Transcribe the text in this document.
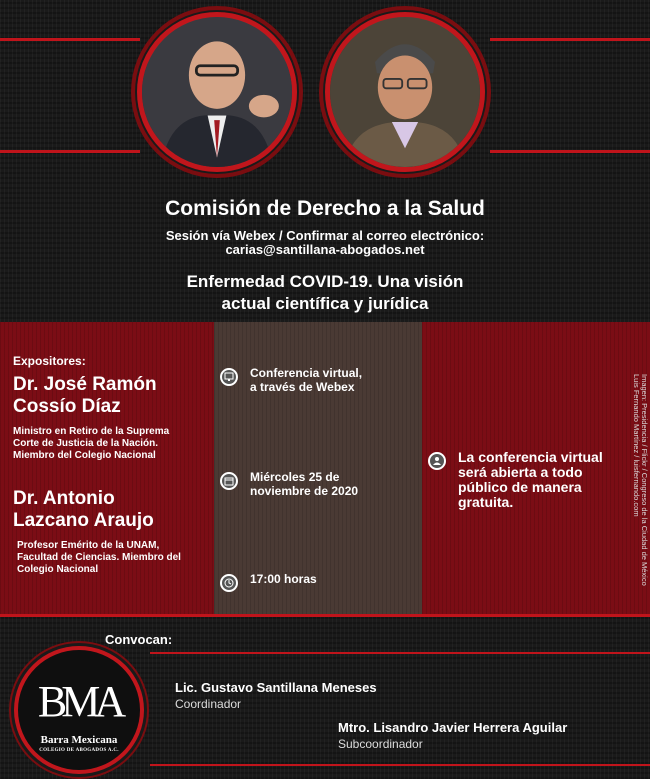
Comisión de Derecho a la Salud
Sesión vía Webex / Confirmar al correo electrónico:
carias@santillana-abogados.net
Enfermedad COVID-19. Una visión
actual científica y jurídica
Expositores:
Dr. José Ramón
Cossío Díaz
Ministro en Retiro de la Suprema
Corte de Justicia de la Nación.
Miembro del Colegio Nacional
Dr. Antonio
Lazcano Araujo
Profesor Emérito de la UNAM,
Facultad de Ciencias. Miembro del
Colegio Nacional
Conferencia virtual,
a través de Webex
Miércoles 25 de
noviembre de 2020
17:00 horas
La conferencia virtual
será abierta a todo
público de manera
gratuita.	Imagen: Presidencia / Flickr / Congreso de la Ciudad de México
Luis Fernando Martínez / luisfernando.com
Convocan:
BMA
Barra Mexicana
COLEGIO DE ABOGADOS A.C.
Lic. Gustavo Santillana Meneses
Coordinador
Mtro. Lisandro Javier Herrera Aguilar
Subcoordinador
